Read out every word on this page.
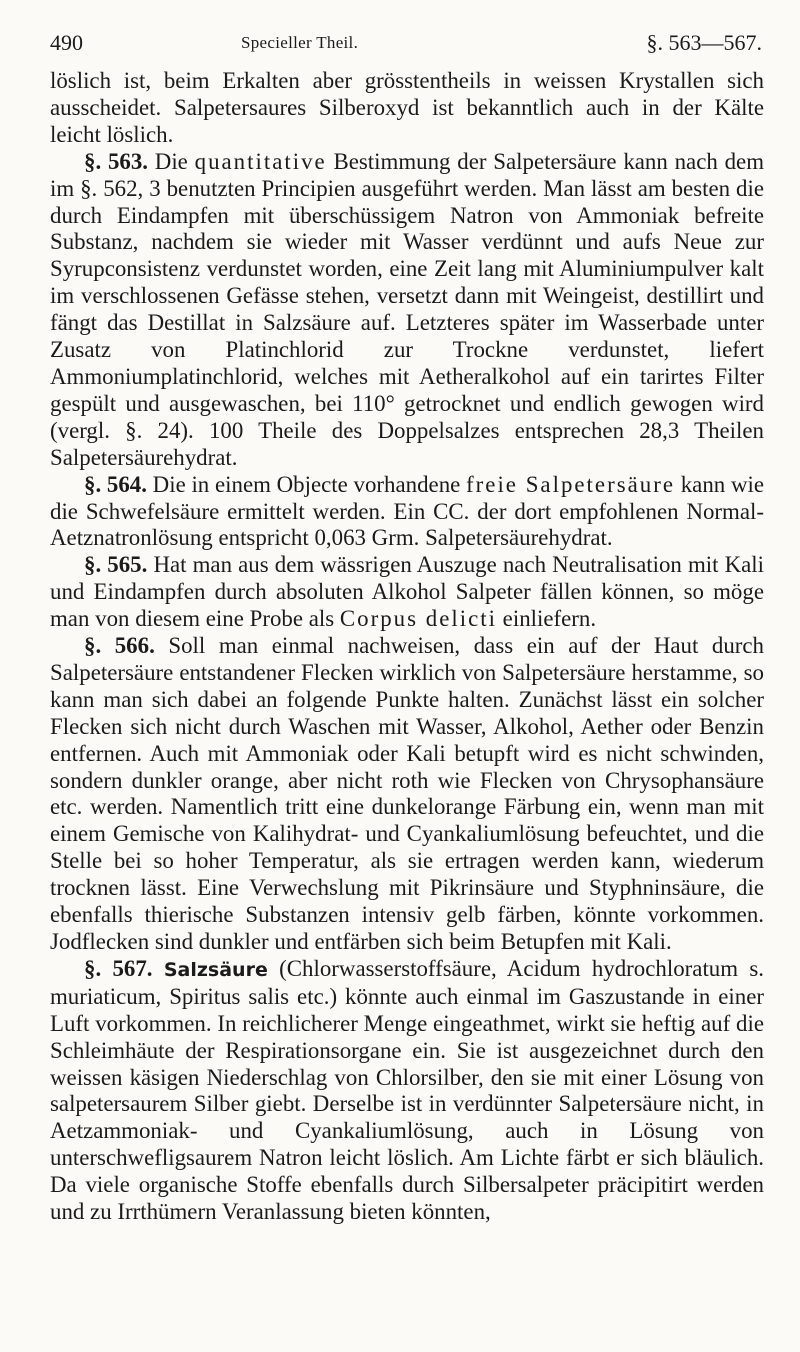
490	Specieller Theil.	§. 563—567.

löslich ist, beim Erkalten aber grösstentheils in weissen Krystallen sich ausscheidet. Salpetersaures Silberoxyd ist bekanntlich auch in der Kälte leicht löslich.

§. 563. Die quantitative Bestimmung der Salpetersäure kann nach dem im §. 562, 3 benutzten Principien ausgeführt werden. Man lässt am besten die durch Eindampfen mit überschüssigem Natron von Ammoniak befreite Substanz, nachdem sie wieder mit Wasser verdünnt und aufs Neue zur Syrupconsistenz verdunstet worden, eine Zeit lang mit Aluminiumpulver kalt im verschlossenen Gefässe stehen, versetzt dann mit Weingeist, destillirt und fängt das Destillat in Salzsäure auf. Letzteres später im Wasserbade unter Zusatz von Platinchlorid zur Trockne verdunstet, liefert Ammoniumplatinchlorid, welches mit Aetheralkohol auf ein tarirtes Filter gespült und ausgewaschen, bei 110° getrocknet und endlich gewogen wird (vergl. §. 24). 100 Theile des Doppelsalzes entsprechen 28,3 Theilen Salpetersäurehydrat.

§. 564. Die in einem Objecte vorhandene freie Salpetersäure kann wie die Schwefelsäure ermittelt werden. Ein CC. der dort empfohlenen Normal-Aetznatronlösung entspricht 0,063 Grm. Salpetersäurehydrat.

§. 565. Hat man aus dem wässrigen Auszuge nach Neutralisation mit Kali und Eindampfen durch absoluten Alkohol Salpeter fällen können, so möge man von diesem eine Probe als Corpus delicti einliefern.

§. 566. Soll man einmal nachweisen, dass ein auf der Haut durch Salpetersäure entstandener Flecken wirklich von Salpetersäure herstamme, so kann man sich dabei an folgende Punkte halten. Zunächst lässt ein solcher Flecken sich nicht durch Waschen mit Wasser, Alkohol, Aether oder Benzin entfernen. Auch mit Ammoniak oder Kali betupft wird es nicht schwinden, sondern dunkler orange, aber nicht roth wie Flecken von Chrysophansäure etc. werden. Namentlich tritt eine dunkelorange Färbung ein, wenn man mit einem Gemische von Kalihydrat- und Cyankaliumlösung befeuchtet, und die Stelle bei so hoher Temperatur, als sie ertragen werden kann, wiederum trocknen lässt. Eine Verwechslung mit Pikrinsäure und Styphninsäure, die ebenfalls thierische Substanzen intensiv gelb färben, könnte vorkommen. Jodflecken sind dunkler und entfärben sich beim Betupfen mit Kali.

§. 567. Salzsäure (Chlorwasserstoffsäure, Acidum hydrochloratum s. muriaticum, Spiritus salis etc.) könnte auch einmal im Gaszustande in einer Luft vorkommen. In reichlicherer Menge eingeathmet, wirkt sie heftig auf die Schleimhäute der Respirationsorgane ein. Sie ist ausgezeichnet durch den weissen käsigen Niederschlag von Chlorsilber, den sie mit einer Lösung von salpetersaurem Silber giebt. Derselbe ist in verdünnter Salpetersäure nicht, in Aetzammoniak- und Cyankaliumlösung, auch in Lösung von unterschwefligsaurem Natron leicht löslich. Am Lichte färbt er sich bläulich. Da viele organische Stoffe ebenfalls durch Silbersalpeter präcipitirt werden und zu Irrthümern Veranlassung bieten könnten,
